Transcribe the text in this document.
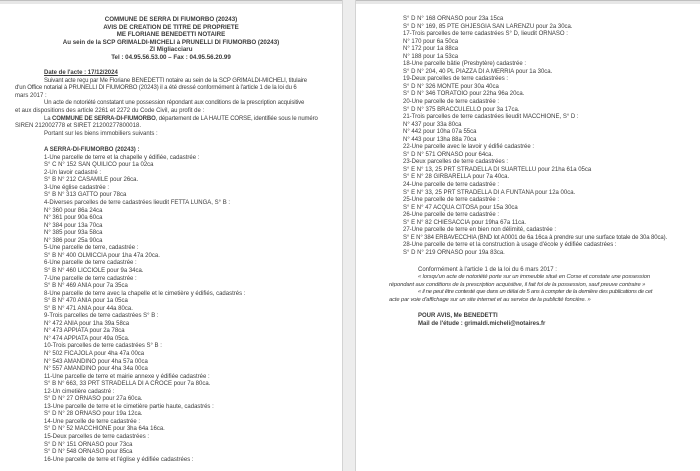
COMMUNE DE SERRA DI FIUMORBO (20243)
AVIS DE CREATION DE TITRE DE PROPRIETE
ME FLORIANE BENEDETTI NOTAIRE
Au sein de la SCP GRIMALDI-MICHELI à PRUNELLI DI FIUMORBO (20243)
ZI Migliacciaru
Tel : 04.95.56.53.00 – Fax : 04.95.56.20.99
Date de l'acte : 17/12/2024
Suivant acte reçu par Me Floriane BENEDETTI notaire au sein de la SCP GRIMALDI-MICHELI, titulaire
d'un Office notarial à PRUNELLI DI FIUMORBO (20243) il a été dressé conformément à l'article 1 de la loi du 6
mars 2017 :
Un acte de notoriété constatant une possession répondant aux conditions de la prescription acquisitive
et aux dispositions des article 2261 et 2272 du Code Civil, au profit de :
La COMMUNE DE SERRA-DI-FIUMORBO, département de LA HAUTE CORSE, identifiée sous le numéro
SIREN 212002778 et SIRET 21200277800018.
Portant sur les biens immobiliers suivants :
A SERRA-DI-FIUMORBO (20243) :
1-Une parcelle de terre et la chapelle y édifiée, cadastrée :
S° C N° 152 SAN QUILICO pour 1a 02ca
2-Un lavoir cadastré :
S° B N° 212 CASAMILE pour 26ca.
3-Une église cadastrée :
S° B N° 313 GATTO pour 78ca
4-Diverses parcelles de terre cadastrées lieudit FETTA LUNGA, S° B :
N° 360 pour 86a 24ca
N° 361 pour 90a 60ca
N° 384 pour 13a 70ca
N° 385 pour 93a 58ca
N° 386 pour 25a 90ca
5-Une parcelle de terre, cadastrée :
S° B N° 400 OLMICCIA pour 1ha 47a 20ca.
6-Une parcelle de terre cadastrée :
S° B N° 460 LICCIOLE pour 9a 34ca.
7-Une parcelle de terre cadastrée :
S° B N° 469 ANIA pour 7a 35ca
8-Une parcelle de terre avec la chapelle et le cimetière y édifiés, cadastrés :
S° B N° 470 ANIA pour 1a 05ca
S° B N° 471 ANIA pour 44a 80ca.
9-Trois parcelles de terre cadastrées S° B :
N° 472 ANIA pour 1ha 39a 58ca
N° 473 APPIATA pour 2a 78ca
N° 474 APPIATA pour 49a 05ca.
10-Trois parcelles de terre cadastrées S° B :
N° 502 FICAJOLA pour 4ha 47a 00ca
N° 543 AMANDINO pour 4ha 57a 00ca
N° 557 AMANDINO pour 4ha 34a 00ca
11-Une parcelle de terre et mairie annexe y édifiée cadastrée :
S° B N° 663, 33 PRT STRADELLA DI A CROCE pour 7a 80ca.
12-Un cimetière cadastré :
S° D N° 27 ORNASO pour 27a 60ca.
13-Une parcelle de terre et le cimetière partie haute, cadastrés :
S° D N° 28 ORNASO pour 19a 12ca.
14-Une parcelle de terre cadastrée :
S° D N° 52 MACCHIONE pour 3ha 64a 16ca.
15-Deux parcelles de terre cadastrées :
S° D N° 151 ORNASO pour 73ca
S° D N° 548 ORNASO pour 85ca
16-Une parcelle de terre et l'église y édifiée cadastrées :
S° D N° 168 ORNASO pour 23a 15ca
S° D N° 169, 85 PTE GHJESGIA SAN LARENZU pour 2a 30ca.
17-Trois parcelles de terre cadastrées S° D, lieudit ORNASO :
N° 170 pour 6a 50ca
N° 172 pour 1a 88ca
N° 188 pour 1a 53ca
18-Une parcelle bâtie (Presbytère) cadastrée :
S° D N° 204, 40 PL PIAZZA DI A MERRIA pour 1a 30ca.
19-Deux parcelles de terre cadastrées :
S° D N° 326 MONTE pour 30a 40ca
S° D N° 346 TORATOIO pour 22ha 96a 20ca.
20-Une parcelle de terre cadastrée :
S° D N° 375 BRACCULELLO pour 3a 17ca.
21-Trois parcelles de terre cadastrées lieudit MACCHIONE, S° D :
N° 437 pour 33a 80ca
N° 442 pour 10ha 07a 55ca
N° 443 pour 13ha 88a 70ca
22-Une parcelle avec le lavoir y édifié cadastrée :
S° D N° 571 ORNASO pour 64ca.
23-Deux parcelles de terre cadastrées :
S° E N° 13, 25 PRT STRADELLA DI SUARTELLU pour 21ha 61a 05ca
S° E N° 28 GIRBARELLA pour 7a 40ca.
24-Une parcelle de terre cadastrée :
S° E N° 33, 25 PRT STRADELLA DI A FUNTANA pour 12a 00ca.
25-Une parcelle de terre cadastrée :
S° E N° 47 ACQUA CITOSA pour 15a 30ca
26-Une parcelle de terre cadastrée :
S° E N° 82 CHIESACCIA pour 19ha 67a 11ca.
27-Une parcelle de terre en bien non délimité, cadastrée :
S° E N° 384 ERBAVECCHIA (BND lot A0001 de 6a 16ca à prendre sur une surface totale de 30a 80ca).
28-Une parcelle de terre et la construction à usage d'école y édifiée cadastrées :
S° D N° 219 ORNASO pour 19a 83ca.
Conformément à l'article 1 de la loi du 6 mars 2017 :
« lorsqu'un acte de notoriété porte sur un immeuble situé en Corse et constate une possession
répondant aux conditions de la prescription acquisitive, il fait foi de la possession, sauf preuve contraire »
« il ne peut être contesté que dans un délai de 5 ans à compter de la dernière des publications de cet
acte par voie d'affichage sur un site internet et au service de la publicité foncière. »
POUR AVIS, Me BENEDETTI
Mail de l'étude : grimaldi.micheli@notaires.fr
